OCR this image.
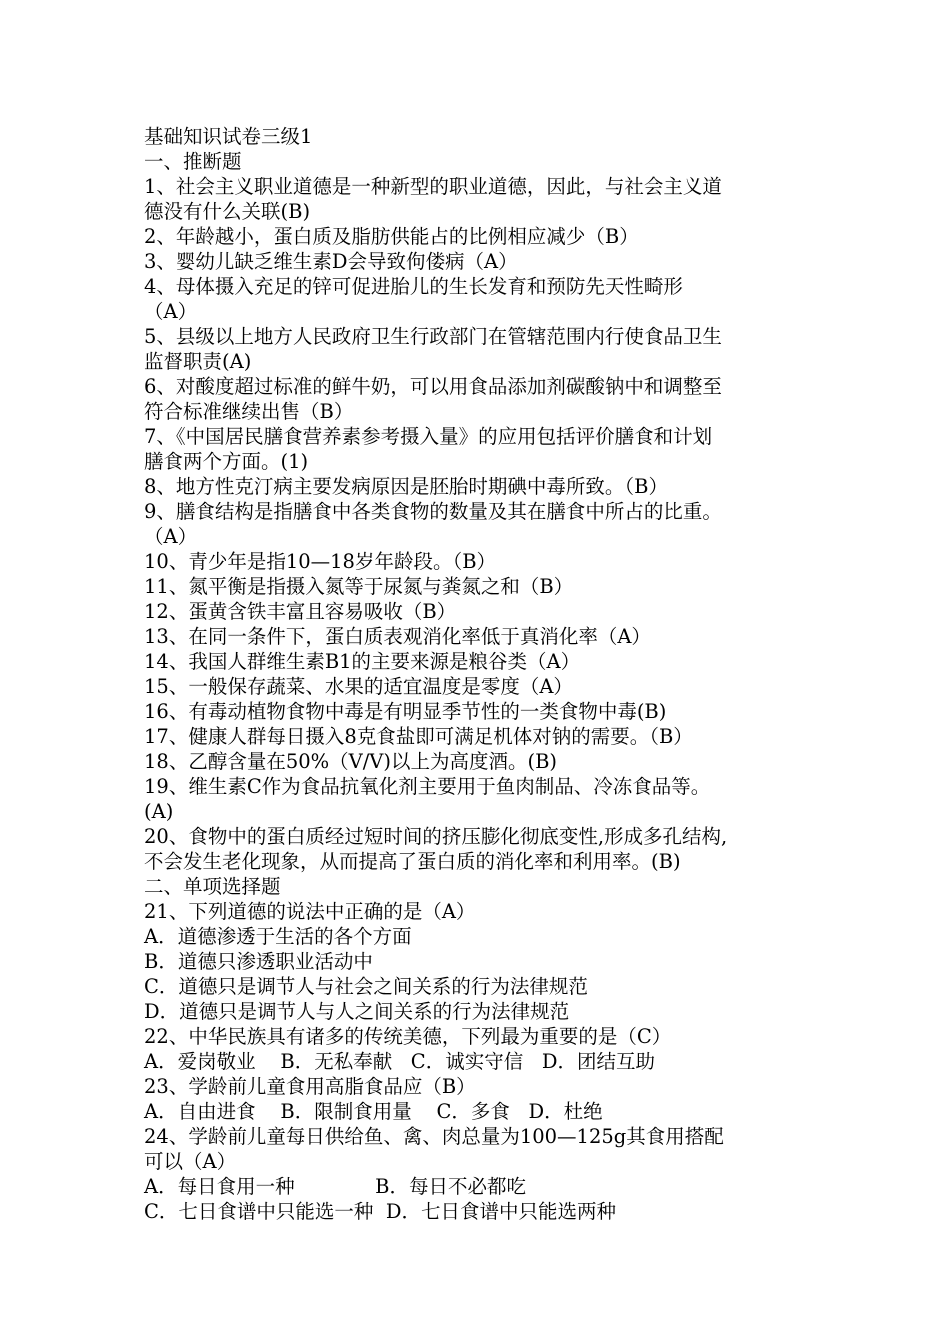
基础知识试卷三级1
一、推断题
1、社会主义职业道德是一种新型的职业道德，因此，与社会主义道
德没有什么关联(B)
2、年龄越小，蛋白质及脂肪供能占的比例相应减少（B）
3、婴幼儿缺乏维生素D会导致佝偻病（A）
4、母体摄入充足的锌可促进胎儿的生长发育和预防先天性畸形
（A）
5、县级以上地方人民政府卫生行政部门在管辖范围内行使食品卫生
监督职责(A)
6、对酸度超过标准的鲜牛奶，可以用食品添加剂碳酸钠中和调整至
符合标准继续出售（B）
7、《中国居民膳食营养素参考摄入量》的应用包括评价膳食和计划
膳食两个方面。(1)
8、地方性克汀病主要发病原因是胚胎时期碘中毒所致。（B）
9、膳食结构是指膳食中各类食物的数量及其在膳食中所占的比重。
（A）
10、青少年是指10—18岁年龄段。（B）
11、氮平衡是指摄入氮等于尿氮与粪氮之和（B）
12、蛋黄含铁丰富且容易吸收（B）
13、在同一条件下，蛋白质表观消化率低于真消化率（A）
14、我国人群维生素B1的主要来源是粮谷类（A）
15、一般保存蔬菜、水果的适宜温度是零度（A）
16、有毒动植物食物中毒是有明显季节性的一类食物中毒(B)
17、健康人群每日摄入8克食盐即可满足机体对钠的需要。（B）
18、乙醇含量在50%（V/V)以上为高度酒。(B)
19、维生素C作为食品抗氧化剂主要用于鱼肉制品、冷冻食品等。
(A)
20、食物中的蛋白质经过短时间的挤压膨化彻底变性,形成多孔结构,
不会发生老化现象，从而提高了蛋白质的消化率和利用率。(B)
二、单项选择题
21、下列道德的说法中正确的是（A）
A．道德渗透于生活的各个方面
B．道德只渗透职业活动中
C．道德只是调节人与社会之间关系的行为法律规范
D．道德只是调节人与人之间关系的行为法律规范
22、中华民族具有诸多的传统美德，下列最为重要的是（C）
A．爱岗敬业    B．无私奉献   C．诚实守信   D．团结互助
23、学龄前儿童食用高脂食品应（B）
A．自由进食    B．限制食用量    C．多食   D．杜绝
24、学龄前儿童每日供给鱼、禽、肉总量为100—125g其食用搭配
可以（A）
A．每日食用一种             B．每日不必都吃
C．七日食谱中只能选一种  D．七日食谱中只能选两种
